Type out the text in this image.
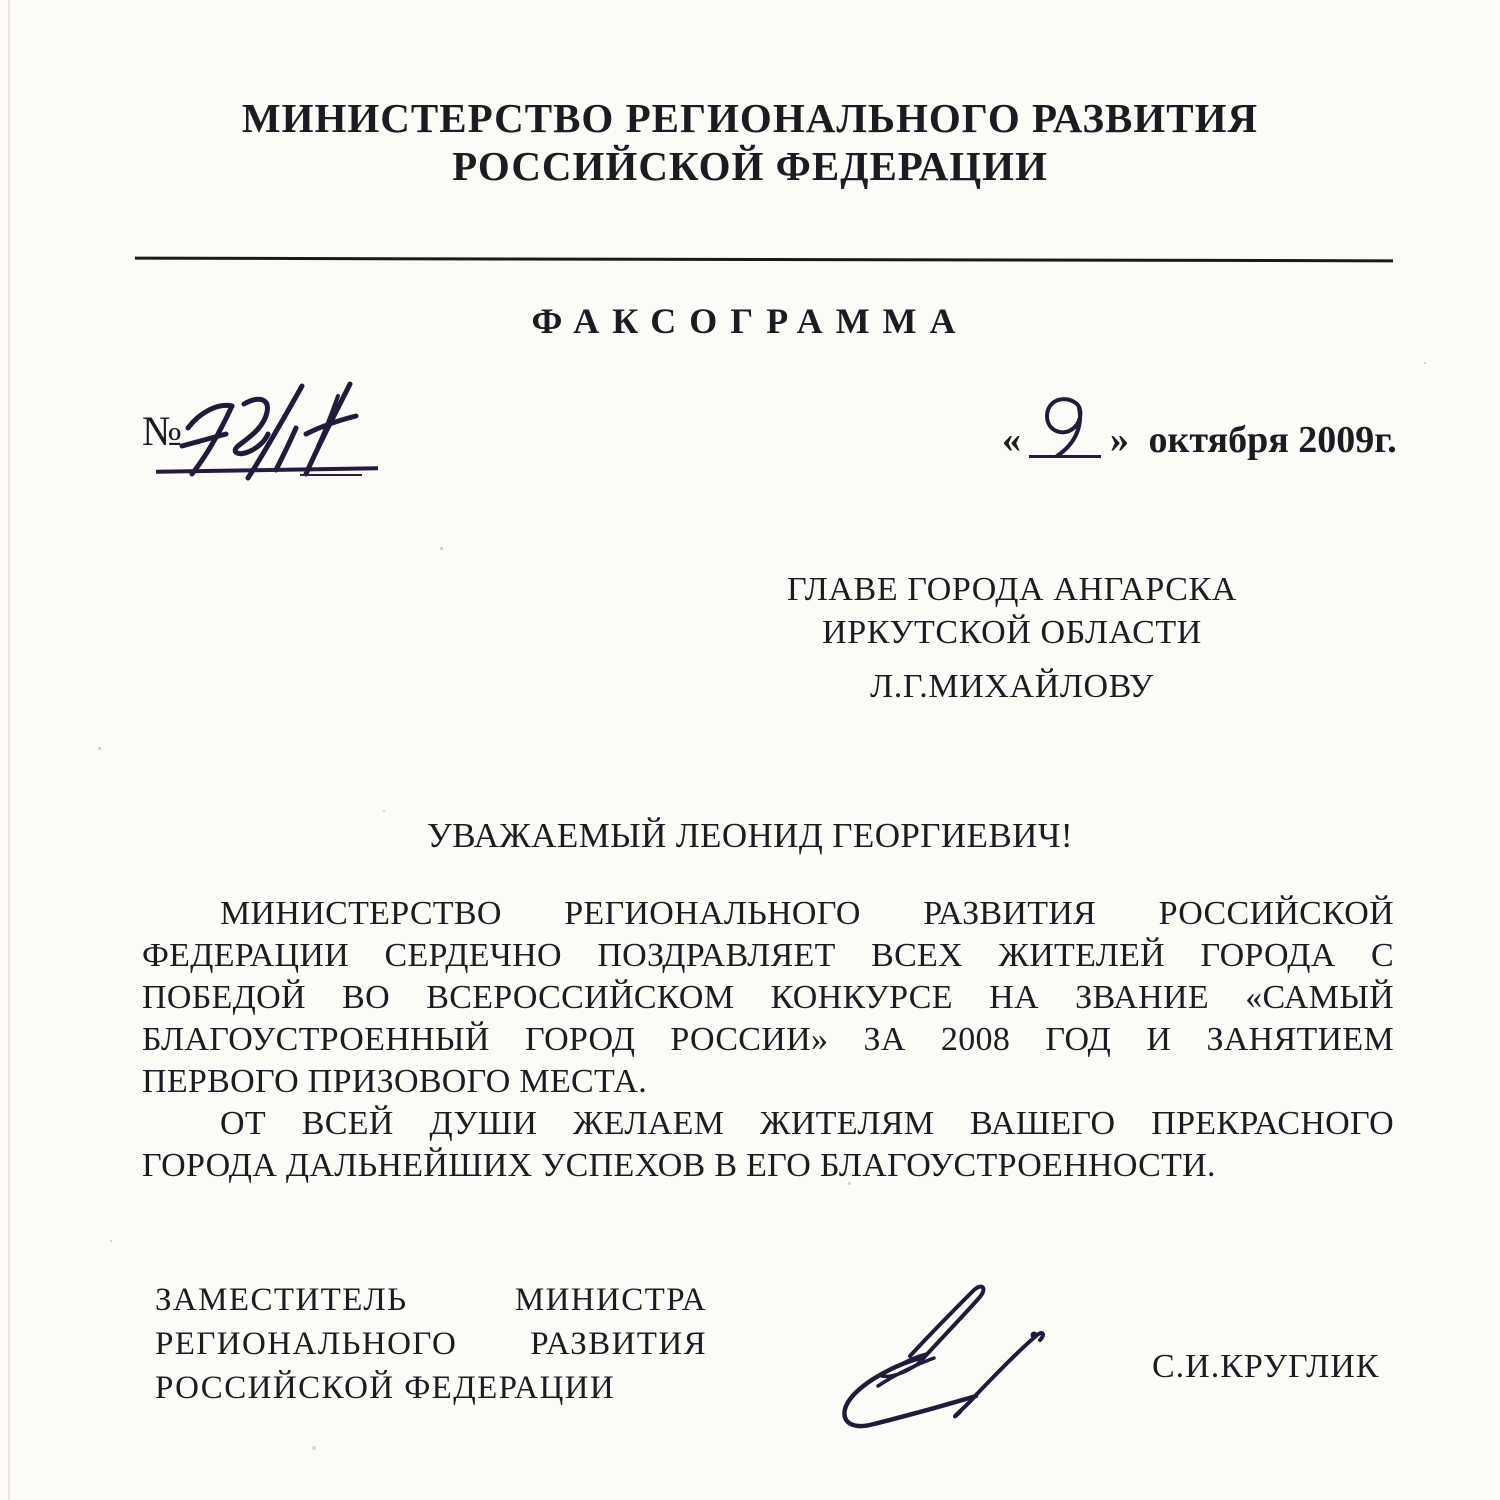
МИНИСТЕРСТВО РЕГИОНАЛЬНОГО РАЗВИТИЯ
РОССИЙСКОЙ ФЕДЕРАЦИИ
ФАКСОГРАММА
№	« » октября 2009г.
ГЛАВЕ ГОРОДА АНГАРСКА
ИРКУТСКОЙ ОБЛАСТИ
Л.Г.МИХАЙЛОВУ
УВАЖАЕМЫЙ ЛЕОНИД ГЕОРГИЕВИЧ!
МИНИСТЕРСТВО РЕГИОНАЛЬНОГО РАЗВИТИЯ РОССИЙСКОЙ
ФЕДЕРАЦИИ СЕРДЕЧНО ПОЗДРАВЛЯЕТ ВСЕХ ЖИТЕЛЕЙ ГОРОДА С
ПОБЕДОЙ ВО ВСЕРОССИЙСКОМ КОНКУРСЕ НА ЗВАНИЕ «САМЫЙ
БЛАГОУСТРОЕННЫЙ ГОРОД РОССИИ» ЗА 2008 ГОД И ЗАНЯТИЕМ
ПЕРВОГО ПРИЗОВОГО МЕСТА.
ОТ ВСЕЙ ДУШИ ЖЕЛАЕМ ЖИТЕЛЯМ ВАШЕГО ПРЕКРАСНОГО
ГОРОДА ДАЛЬНЕЙШИХ УСПЕХОВ В ЕГО БЛАГОУСТРОЕННОСТИ.
ЗАМЕСТИТЕЛЬ МИНИСТРА
РЕГИОНАЛЬНОГО РАЗВИТИЯ
РОССИЙСКОЙ ФЕДЕРАЦИИ
С.И.КРУГЛИК
